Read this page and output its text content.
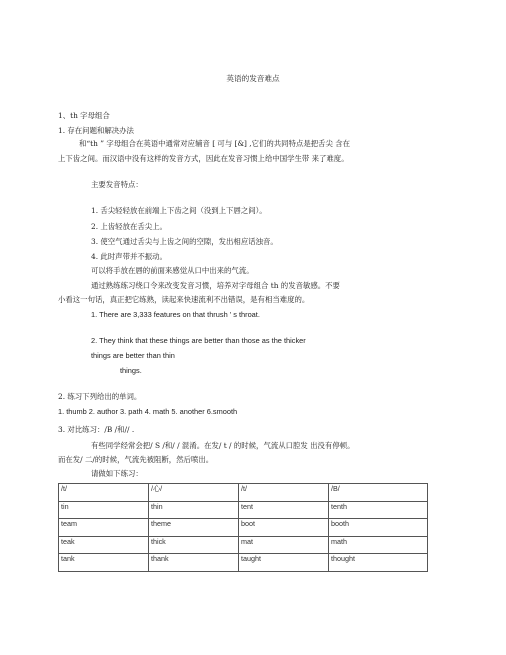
英语的发音难点
1、th 字母组合
1. 存在问题和解决办法
和“th ” 字母组合在英语中通常对应辅音 [ 可与 [&] ,它们的共同特点是把舌尖 含在
上下齿之间。而汉语中没有这样的发音方式，因此在发音习惯上给中国学生带 来了难度。
主要发音特点：
1. 舌尖轻轻放在前端上下齿之间（没到上下唇之间）。
2. 上齿轻放在舌尖上。
3. 使空气通过舌尖与上齿之间的空隙，发出相应话浊音。
4. 此时声带并不振动。
可以将手放在唇的前面来感觉从口中出来的气流。
通过熟练练习绕口令来改变发音习惯，培养对字母组合 th 的发音敏感。不要
小看这一句话，真正把它练熟，读起来快速流利不出错误，是有相当难度的。
1. There are 3,333 features on that thrush ' s throat.
2. They think that these things are better than those as the thicker
things are better than thin
things.
2. 练习下列给出的单词。
1. thumb 2. author 3. path 4. math 5. another 6.smooth
3. 对比练习：/B /和// .
有些同学经常会把/ S /和/ / 混淆。在发/ t / 的时候，气流从口腔发 出没有停顿。
而在发/ 二/的时候，气流先被阻断，然后喷出。
请做如下练习：
/t/	/心/	/t/	/B/
tin	thin	tent	tenth
team	theme	boot	booth
teak	thick	mat	math
tank	thank	taught	thought
